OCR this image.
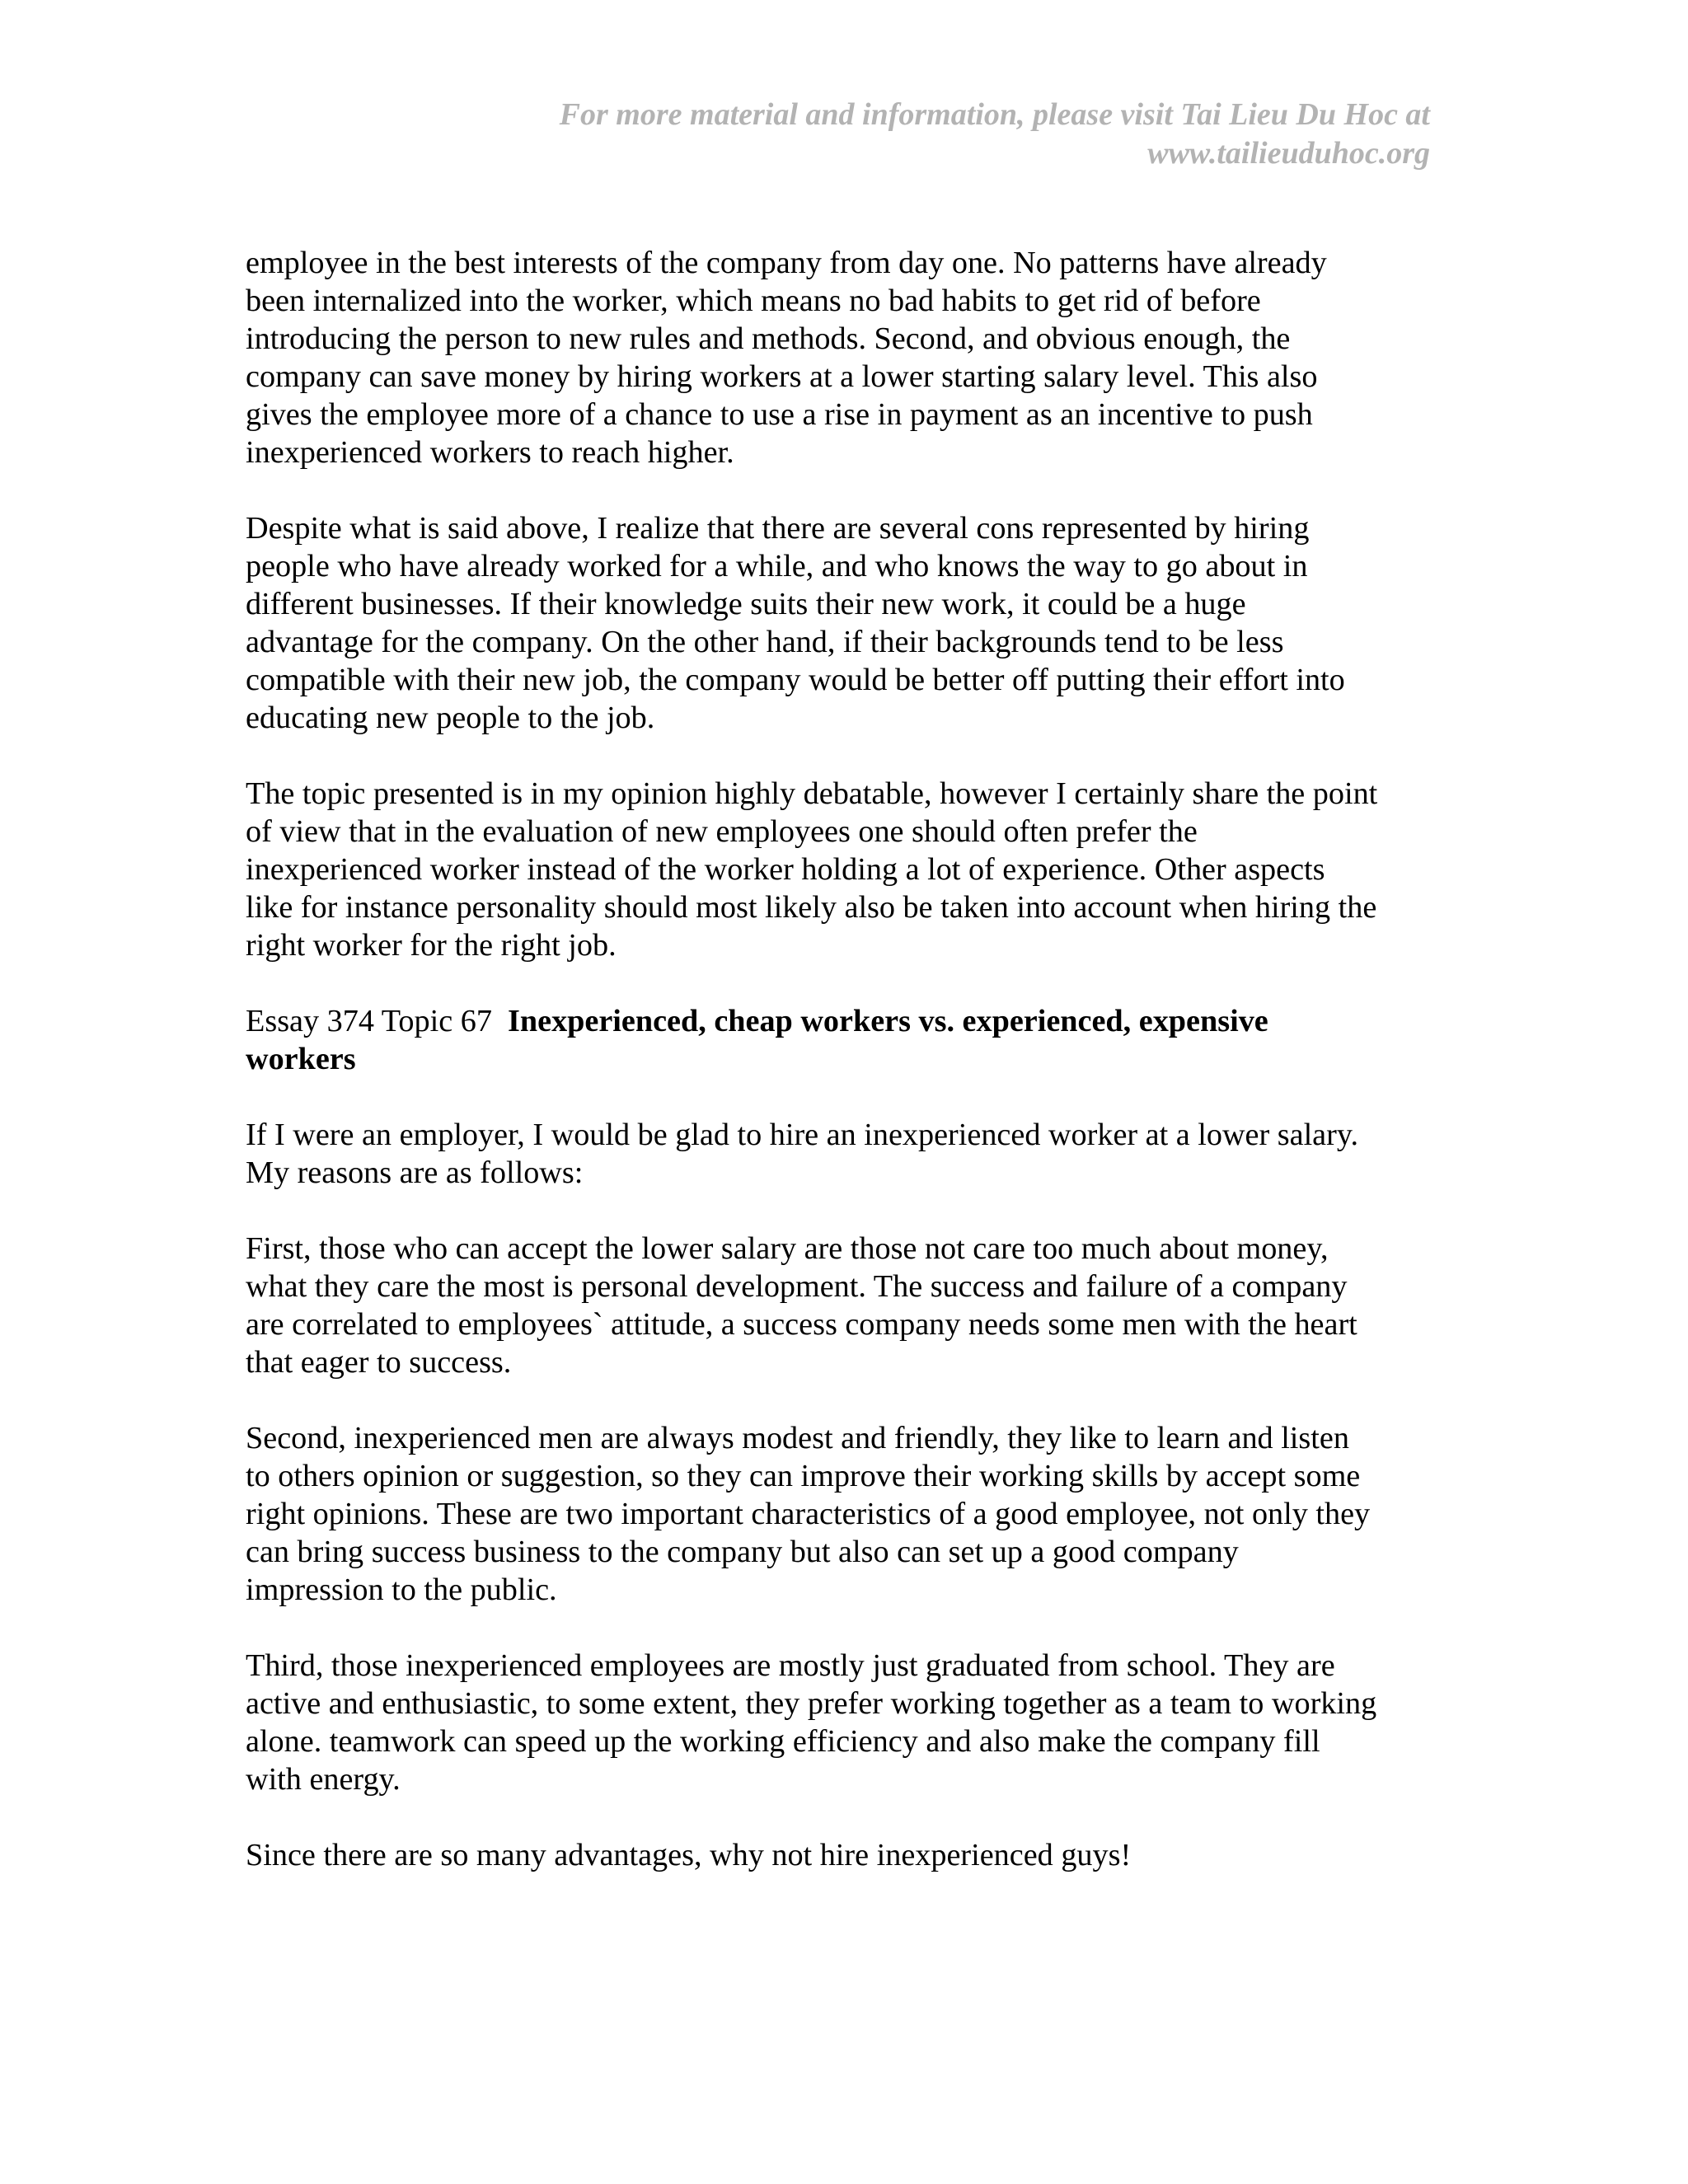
For more material and information, please visit Tai Lieu Du Hoc at
www.tailieuduhoc.org

employee in the best interests of the company from day one. No patterns have already
been internalized into the worker, which means no bad habits to get rid of before
introducing the person to new rules and methods. Second, and obvious enough, the
company can save money by hiring workers at a lower starting salary level. This also
gives the employee more of a chance to use a rise in payment as an incentive to push
inexperienced workers to reach higher.

Despite what is said above, I realize that there are several cons represented by hiring
people who have already worked for a while, and who knows the way to go about in
different businesses. If their knowledge suits their new work, it could be a huge
advantage for the company. On the other hand, if their backgrounds tend to be less
compatible with their new job, the company would be better off putting their effort into
educating new people to the job.

The topic presented is in my opinion highly debatable, however I certainly share the point
of view that in the evaluation of new employees one should often prefer the
inexperienced worker instead of the worker holding a lot of experience. Other aspects
like for instance personality should most likely also be taken into account when hiring the
right worker for the right job.

Essay 374 Topic 67 Inexperienced, cheap workers vs. experienced, expensive
workers

If I were an employer, I would be glad to hire an inexperienced worker at a lower salary.
My reasons are as follows:

First, those who can accept the lower salary are those not care too much about money,
what they care the most is personal development. The success and failure of a company
are correlated to employees` attitude, a success company needs some men with the heart
that eager to success.

Second, inexperienced men are always modest and friendly, they like to learn and listen
to others opinion or suggestion, so they can improve their working skills by accept some
right opinions. These are two important characteristics of a good employee, not only they
can bring success business to the company but also can set up a good company
impression to the public.

Third, those inexperienced employees are mostly just graduated from school. They are
active and enthusiastic, to some extent, they prefer working together as a team to working
alone. teamwork can speed up the working efficiency and also make the company fill
with energy.

Since there are so many advantages, why not hire inexperienced guys!
